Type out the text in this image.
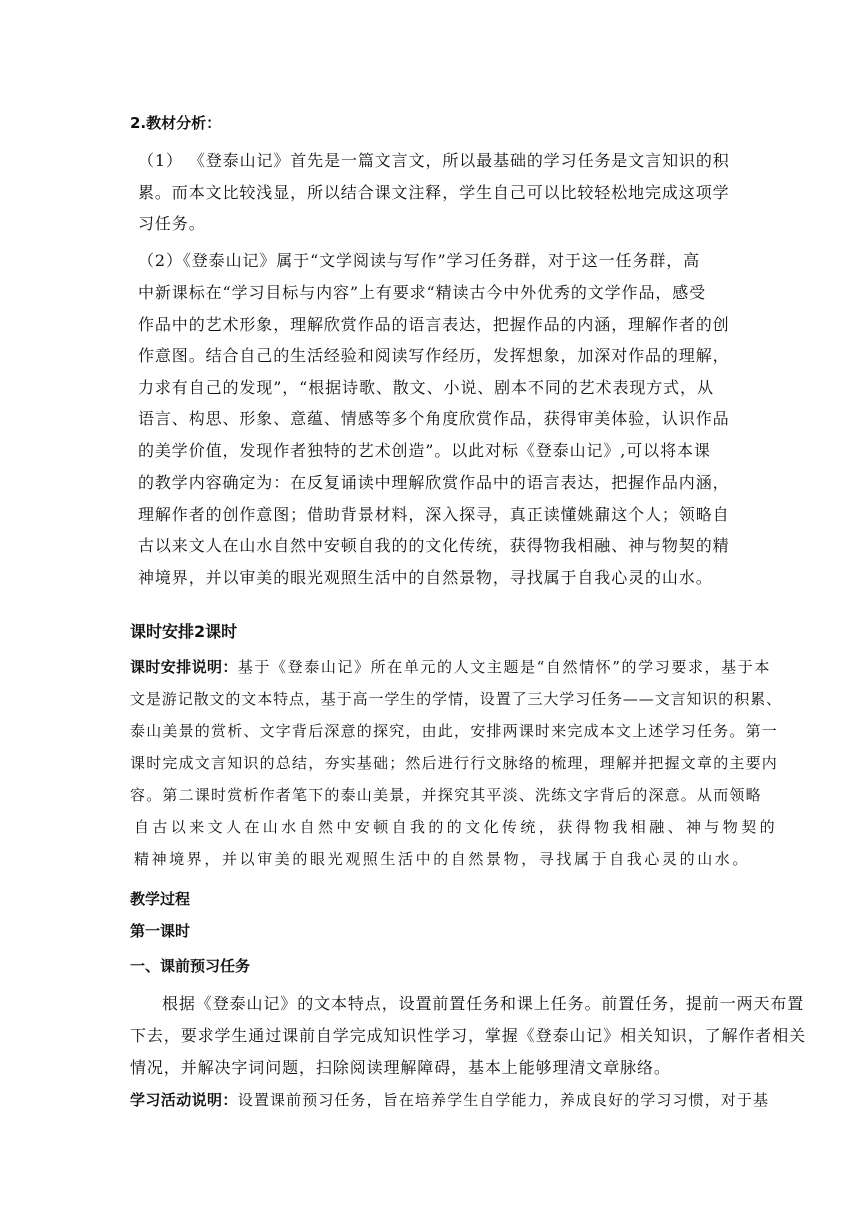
2.教材分析：
（1） 《登泰山记》首先是一篇文言文，所以最基础的学习任务是文言知识的积
累。而本文比较浅显，所以结合课文注释，学生自己可以比较轻松地完成这项学
习任务。
（2）《登泰山记》属于“文学阅读与写作”学习任务群，对于这一任务群，高
中新课标在“学习目标与内容”上有要求“精读古今中外优秀的文学作品，感受
作品中的艺术形象，理解欣赏作品的语言表达，把握作品的内涵，理解作者的创
作意图。结合自己的生活经验和阅读写作经历，发挥想象，加深对作品的理解，
力求有自己的发现”，“根据诗歌、散文、小说、剧本不同的艺术表现方式，从
语言、构思、形象、意蕴、情感等多个角度欣赏作品，获得审美体验，认识作品
的美学价值，发现作者独特的艺术创造”。以此对标《登泰山记》,可以将本课
的教学内容确定为：在反复诵读中理解欣赏作品中的语言表达，把握作品内涵，
理解作者的创作意图；借助背景材料，深入探寻，真正读懂姚鼐这个人；领略自
古以来文人在山水自然中安顿自我的的文化传统，获得物我相融、神与物契的精
神境界，并以审美的眼光观照生活中的自然景物，寻找属于自我心灵的山水。
课时安排2课时
课时安排说明：基于《登泰山记》所在单元的人文主题是“自然情怀”的学习要求，基于本
文是游记散文的文本特点，基于高一学生的学情，设置了三大学习任务——文言知识的积累、
泰山美景的赏析、文字背后深意的探究，由此，安排两课时来完成本文上述学习任务。第一
课时完成文言知识的总结，夯实基础；然后进行行文脉络的梳理，理解并把握文章的主要内
容。第二课时赏析作者笔下的泰山美景，并探究其平淡、洗练文字背后的深意。从而领略
自古以来文人在山水自然中安顿自我的的文化传统，获得物我相融、神与物契的
精神境界，并以审美的眼光观照生活中的自然景物，寻找属于自我心灵的山水。
教学过程
第一课时
一、课前预习任务
根据《登泰山记》的文本特点，设置前置任务和课上任务。前置任务，提前一两天布置
下去，要求学生通过课前自学完成知识性学习，掌握《登泰山记》相关知识，了解作者相关
情况，并解决字词问题，扫除阅读理解障碍，基本上能够理清文章脉络。
学习活动说明：设置课前预习任务，旨在培养学生自学能力，养成良好的学习习惯，对于基
